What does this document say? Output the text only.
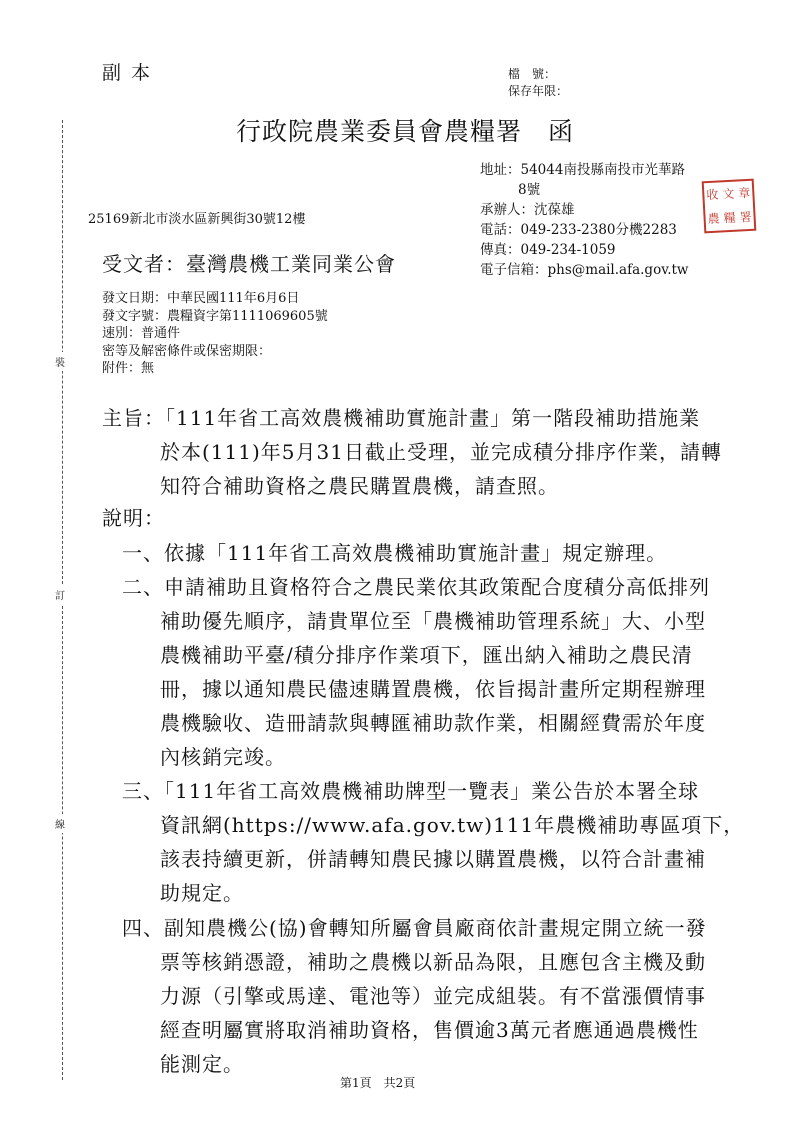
副本	檔　號：
保存年限：
行政院農業委員會農糧署　函
地址：54044南投縣南投市光華路
8號
承辦人：沈葆雄
電話：049-233-2380分機2283
傳真：049-234-1059
電子信箱：phs@mail.afa.gov.tw
收 文 章
農 糧 署
25169新北市淡水區新興街30號12樓
受文者：臺灣農機工業同業公會
發文日期：中華民國111年6月6日
發文字號：農糧資字第1111069605號
速別：普通件
密等及解密條件或保密期限：
附件：無
裝
訂
線
主旨：「111年省工高效農機補助實施計畫」第一階段補助措施業
於本(111)年5月31日截止受理，並完成積分排序作業，請轉
知符合補助資格之農民購置農機，請查照。
說明：
一、依據「111年省工高效農機補助實施計畫」規定辦理。
二、申請補助且資格符合之農民業依其政策配合度積分高低排列
補助優先順序，請貴單位至「農機補助管理系統」大、小型
農機補助平臺/積分排序作業項下，匯出納入補助之農民清
冊，據以通知農民儘速購置農機，依旨揭計畫所定期程辦理
農機驗收、造冊請款與轉匯補助款作業，相關經費需於年度
內核銷完竣。
三、「111年省工高效農機補助牌型一覽表」業公告於本署全球
資訊網(https://www.afa.gov.tw)111年農機補助專區項下，
該表持續更新，併請轉知農民據以購置農機，以符合計畫補
助規定。
四、副知農機公(協)會轉知所屬會員廠商依計畫規定開立統一發
票等核銷憑證，補助之農機以新品為限，且應包含主機及動
力源（引擎或馬達、電池等）並完成組裝。有不當漲價情事
經查明屬實將取消補助資格，售價逾3萬元者應通過農機性
能測定。
第1頁　共2頁
